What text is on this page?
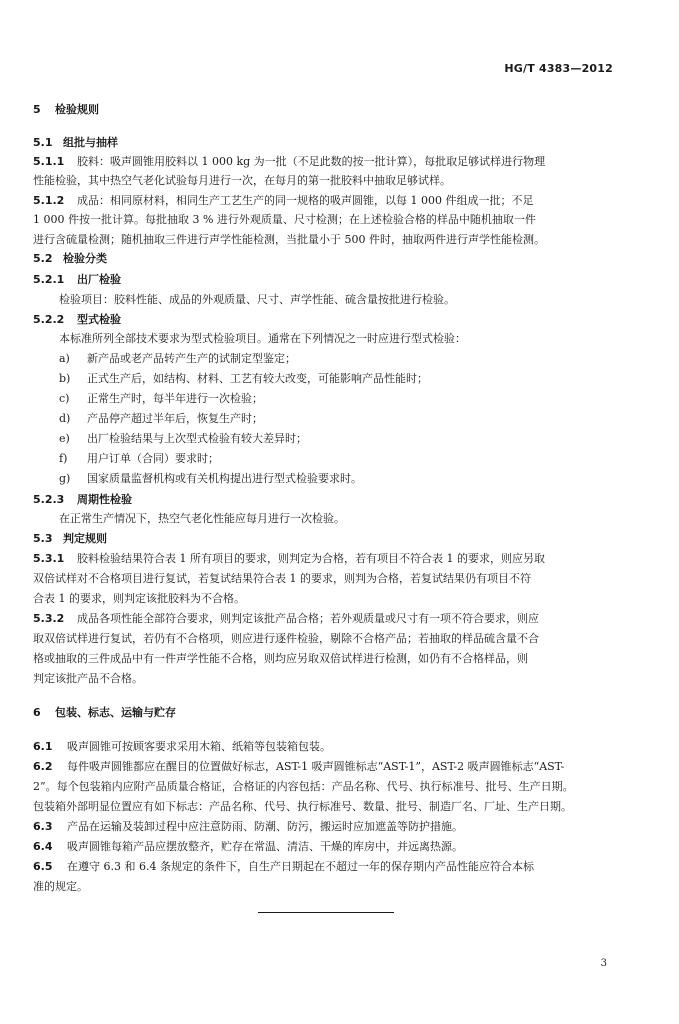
HG/T 4383—2012
5 检验规则
5.1 组批与抽样
5.1.1 胶料：吸声圆锥用胶料以 1 000 kg 为一批（不足此数的按一批计算），每批取足够试样进行物理
性能检验，其中热空气老化试验每月进行一次，在每月的第一批胶料中抽取足够试样。
5.1.2 成品：相同原材料，相同生产工艺生产的同一规格的吸声圆锥，以每 1 000 件组成一批；不足
1 000 件按一批计算。每批抽取 3 % 进行外观质量、尺寸检测；在上述检验合格的样品中随机抽取一件
进行含硫量检测；随机抽取三件进行声学性能检测，当批量小于 500 件时，抽取两件进行声学性能检测。
5.2 检验分类
5.2.1 出厂检验
检验项目：胶料性能、成品的外观质量、尺寸、声学性能、硫含量按批进行检验。
5.2.2 型式检验
本标准所列全部技术要求为型式检验项目。通常在下列情况之一时应进行型式检验：
a) 新产品或老产品转产生产的试制定型鉴定；
b) 正式生产后，如结构、材料、工艺有较大改变，可能影响产品性能时；
c) 正常生产时，每半年进行一次检验；
d) 产品停产超过半年后，恢复生产时；
e) 出厂检验结果与上次型式检验有较大差异时；
f) 用户订单（合同）要求时；
g) 国家质量监督机构或有关机构提出进行型式检验要求时。
5.2.3 周期性检验
在正常生产情况下，热空气老化性能应每月进行一次检验。
5.3 判定规则
5.3.1 胶料检验结果符合表 1 所有项目的要求，则判定为合格，若有项目不符合表 1 的要求，则应另取
双倍试样对不合格项目进行复试，若复试结果符合表 1 的要求，则判为合格，若复试结果仍有项目不符
合表 1 的要求，则判定该批胶料为不合格。
5.3.2 成品各项性能全部符合要求，则判定该批产品合格；若外观质量或尺寸有一项不符合要求，则应
取双倍试样进行复试，若仍有不合格项，则应进行逐件检验，剔除不合格产品；若抽取的样品硫含量不合
格或抽取的三件成品中有一件声学性能不合格，则均应另取双倍试样进行检测，如仍有不合格样品，则
判定该批产品不合格。
6 包装、标志、运输与贮存
6.1 吸声圆锥可按顾客要求采用木箱、纸箱等包装箱包装。
6.2 每件吸声圆锥都应在醒目的位置做好标志，AST-1 吸声圆锥标志“AST-1”，AST-2 吸声圆锥标志“AST-
2”。每个包装箱内应附产品质量合格证，合格证的内容包括：产品名称、代号、执行标准号、批号、生产日期。
包装箱外部明显位置应有如下标志：产品名称、代号、执行标准号、数量、批号、制造厂名、厂址、生产日期。
6.3 产品在运输及装卸过程中应注意防雨、防潮、防污，搬运时应加遮盖等防护措施。
6.4 吸声圆锥每箱产品应摆放整齐，贮存在常温、清洁、干燥的库房中，并远离热源。
6.5 在遵守 6.3 和 6.4 条规定的条件下，自生产日期起在不超过一年的保存期内产品性能应符合本标
准的规定。
3
